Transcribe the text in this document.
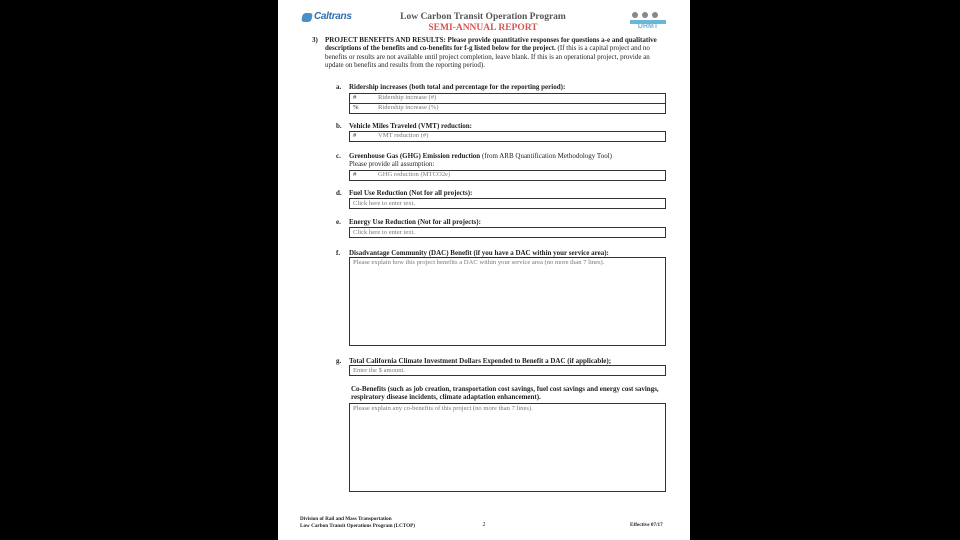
Caltrans	Low Carbon Transit Operation Program
SEMI-ANNUAL REPORT	DRMT
3) PROJECT BENEFITS AND RESULTS: Please provide quantitative responses for questions a-e and qualitative descriptions of the benefits and co-benefits for f-g listed below for the project. (If this is a capital project and no benefits or results are not available until project completion, leave blank. If this is an operational project, provide an update on benefits and results from the reporting period).
a. Ridership increases (both total and percentage for the reporting period):
#	Ridership increase (#)
%	Ridership increase (%)
b. Vehicle Miles Traveled (VMT) reduction:
#	VMT reduction (#)
c. Greenhouse Gas (GHG) Emission reduction (from ARB Quantification Methodology Tool)
Please provide all assumption:
#	GHG reduction (MTCO2e)
d. Fuel Use Reduction (Not for all projects):
Click here to enter text.
e. Energy Use Reduction (Not for all projects):
Click here to enter text.
f. Disadvantage Community (DAC) Benefit (if you have a DAC within your service area):
Please explain how this project benefits a DAC within your service area (no more than 7 lines).
g. Total California Climate Investment Dollars Expended to Benefit a DAC (if applicable);
Enter the $ amount.
Co-Benefits (such as job creation, transportation cost savings, fuel cost savings and energy cost savings, respiratory disease incidents, climate adaptation enhancement).
Please explain any co-benefits of this project (no more than 7 lines).
Division of Rail and Mass Transportation
Low Carbon Transit Operations Program (LCTOP)	2	Effective 07/17
